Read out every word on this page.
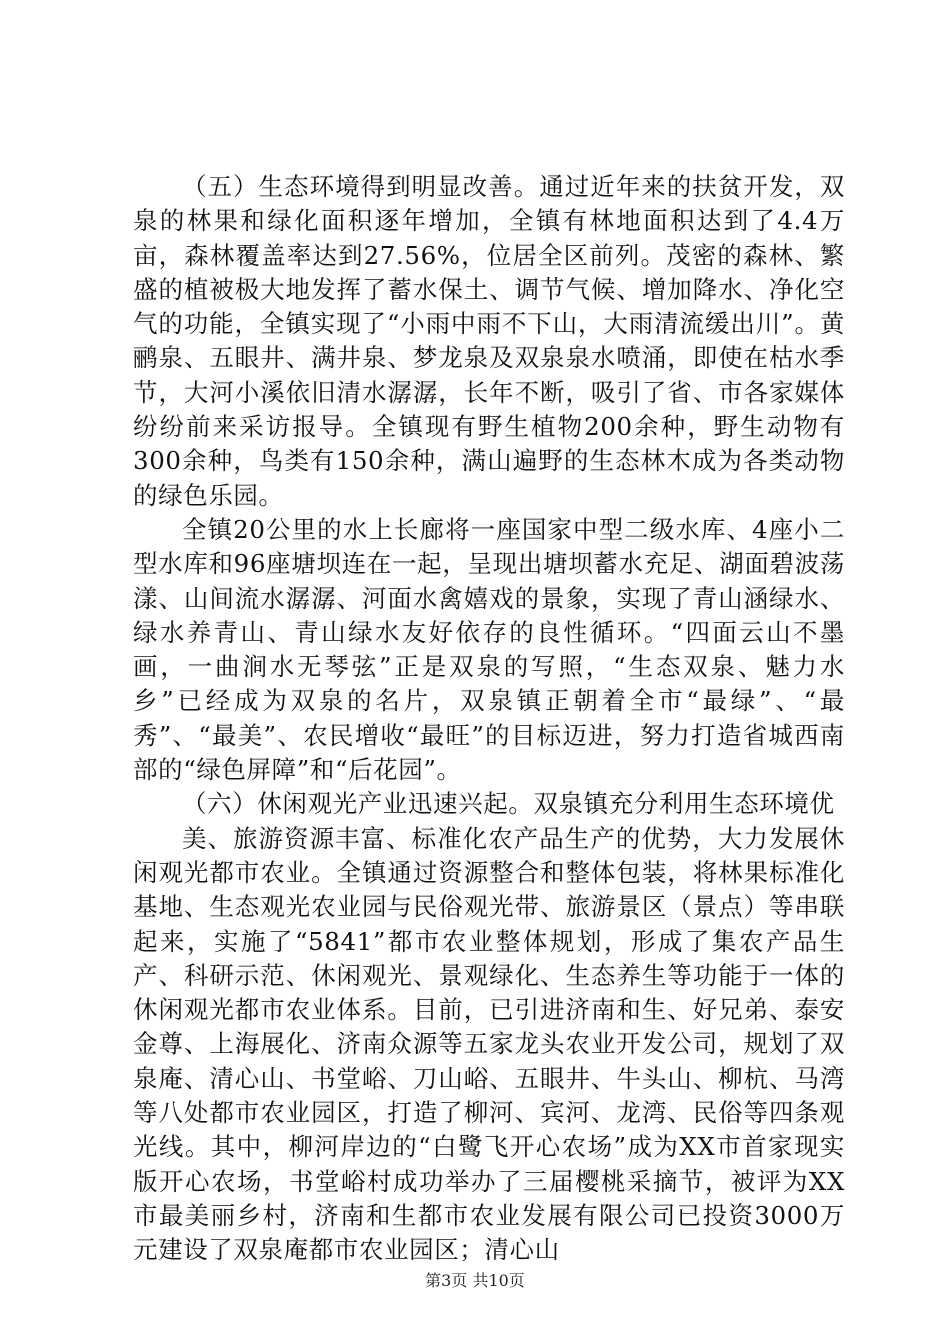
（五）生态环境得到明显改善。通过近年来的扶贫开发，双泉的林果和绿化面积逐年增加，全镇有林地面积达到了4.4万亩，森林覆盖率达到27.56%，位居全区前列。茂密的森林、繁盛的植被极大地发挥了蓄水保土、调节气候、增加降水、净化空气的功能，全镇实现了“小雨中雨不下山，大雨清流缓出川”。黄鹂泉、五眼井、满井泉、梦龙泉及双泉泉水喷涌，即使在枯水季节，大河小溪依旧清水潺潺，长年不断，吸引了省、市各家媒体纷纷前来采访报导。全镇现有野生植物200余种，野生动物有300余种，鸟类有150余种，满山遍野的生态林木成为各类动物的绿色乐园。

全镇20公里的水上长廊将一座国家中型二级水库、4座小二型水库和96座塘坝连在一起，呈现出塘坝蓄水充足、湖面碧波荡漾、山间流水潺潺、河面水禽嬉戏的景象，实现了青山涵绿水、绿水养青山、青山绿水友好依存的良性循环。“四面云山不墨画，一曲涧水无琴弦”正是双泉的写照，“生态双泉、魅力水乡”已经成为双泉的名片，双泉镇正朝着全市“最绿”、“最秀”、“最美”、农民增收“最旺”的目标迈进，努力打造省城西南部的“绿色屏障”和“后花园”。

（六）休闲观光产业迅速兴起。双泉镇充分利用生态环境优

美、旅游资源丰富、标准化农产品生产的优势，大力发展休闲观光都市农业。全镇通过资源整合和整体包装，将林果标准化基地、生态观光农业园与民俗观光带、旅游景区（景点）等串联起来，实施了“5841”都市农业整体规划，形成了集农产品生产、科研示范、休闲观光、景观绿化、生态养生等功能于一体的休闲观光都市农业体系。目前，已引进济南和生、好兄弟、泰安金尊、上海展化、济南众源等五家龙头农业开发公司，规划了双泉庵、清心山、书堂峪、刀山峪、五眼井、牛头山、柳杭、马湾等八处都市农业园区，打造了柳河、宾河、龙湾、民俗等四条观光线。其中，柳河岸边的“白鹭飞开心农场”成为XX市首家现实版开心农场，书堂峪村成功举办了三届樱桃采摘节，被评为XX市最美丽乡村，济南和生都市农业发展有限公司已投资3000万元建设了双泉庵都市农业园区；清心山

第3页 共10页
